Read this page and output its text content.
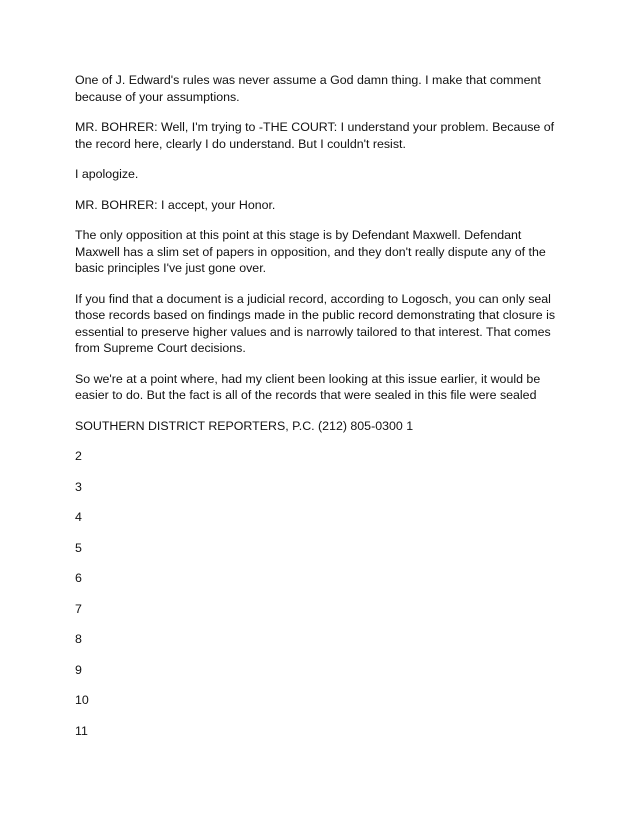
One of J. Edward's rules was never assume a God damn thing. I make that comment because of your assumptions.

MR. BOHRER: Well, I'm trying to -THE COURT: I understand your problem. Because of the record here, clearly I do understand. But I couldn't resist.

I apologize.

MR. BOHRER: I accept, your Honor.

The only opposition at this point at this stage is by Defendant Maxwell. Defendant Maxwell has a slim set of papers in opposition, and they don't really dispute any of the basic principles I've just gone over.

If you find that a document is a judicial record, according to Logosch, you can only seal those records based on findings made in the public record demonstrating that closure is essential to preserve higher values and is narrowly tailored to that interest. That comes from Supreme Court decisions.

So we're at a point where, had my client been looking at this issue earlier, it would be easier to do. But the fact is all of the records that were sealed in this file were sealed

SOUTHERN DISTRICT REPORTERS, P.C. (212) 805-0300 1

2
3
4
5
6
7
8
9
10
11
